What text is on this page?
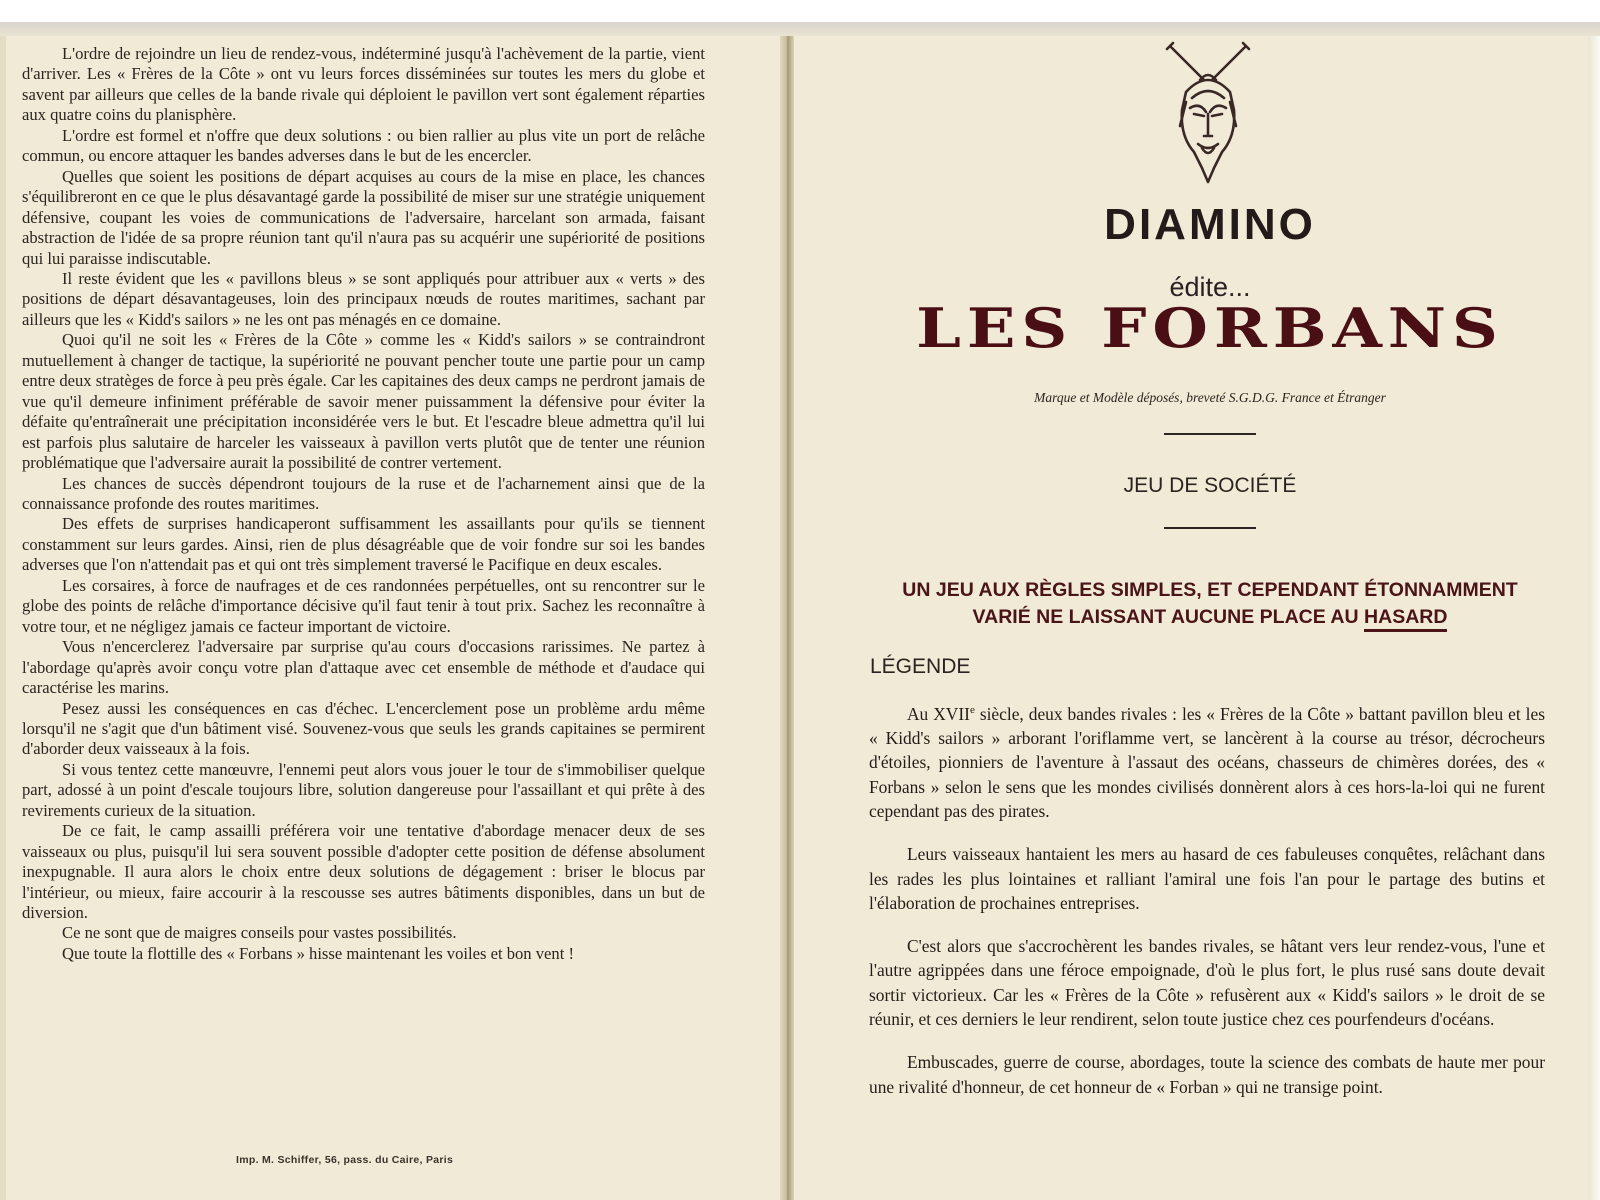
L'ordre de rejoindre un lieu de rendez-vous, indéterminé jusqu'à l'achèvement de la partie, vient d'arriver. Les « Frères de la Côte » ont vu leurs forces disséminées sur toutes les mers du globe et savent par ailleurs que celles de la bande rivale qui déploient le pavillon vert sont également réparties aux quatre coins du planisphère.

L'ordre est formel et n'offre que deux solutions : ou bien rallier au plus vite un port de relâche commun, ou encore attaquer les bandes adverses dans le but de les encercler.

Quelles que soient les positions de départ acquises au cours de la mise en place, les chances s'équilibreront en ce que le plus désavantagé garde la possibilité de miser sur une stratégie uniquement défensive, coupant les voies de communications de l'adversaire, harcelant son armada, faisant abstraction de l'idée de sa propre réunion tant qu'il n'aura pas su acquérir une supériorité de positions qui lui paraisse indiscutable.

Il reste évident que les « pavillons bleus » se sont appliqués pour attribuer aux « verts » des positions de départ désavantageuses, loin des principaux nœuds de routes maritimes, sachant par ailleurs que les « Kidd's sailors » ne les ont pas ménagés en ce domaine.

Quoi qu'il ne soit les « Frères de la Côte » comme les « Kidd's sailors » se contraindront mutuellement à changer de tactique, la supériorité ne pouvant pencher toute une partie pour un camp entre deux stratèges de force à peu près égale. Car les capitaines des deux camps ne perdront jamais de vue qu'il demeure infiniment préférable de savoir mener puissamment la défensive pour éviter la défaite qu'entraînerait une précipitation inconsidérée vers le but. Et l'escadre bleue admettra qu'il lui est parfois plus salutaire de harceler les vaisseaux à pavillon verts plutôt que de tenter une réunion problématique que l'adversaire aurait la possibilité de contrer vertement.

Les chances de succès dépendront toujours de la ruse et de l'acharnement ainsi que de la connaissance profonde des routes maritimes.

Des effets de surprises handicaperont suffisamment les assaillants pour qu'ils se tiennent constamment sur leurs gardes. Ainsi, rien de plus désagréable que de voir fondre sur soi les bandes adverses que l'on n'attendait pas et qui ont très simplement traversé le Pacifique en deux escales.

Les corsaires, à force de naufrages et de ces randonnées perpétuelles, ont su rencontrer sur le globe des points de relâche d'importance décisive qu'il faut tenir à tout prix. Sachez les reconnaître à votre tour, et ne négligez jamais ce facteur important de victoire.

Vous n'encerclerez l'adversaire par surprise qu'au cours d'occasions rarissimes. Ne partez à l'abordage qu'après avoir conçu votre plan d'attaque avec cet ensemble de méthode et d'audace qui caractérise les marins.

Pesez aussi les conséquences en cas d'échec. L'encerclement pose un problème ardu même lorsqu'il ne s'agit que d'un bâtiment visé. Souvenez-vous que seuls les grands capitaines se permirent d'aborder deux vaisseaux à la fois.

Si vous tentez cette manœuvre, l'ennemi peut alors vous jouer le tour de s'immobiliser quelque part, adossé à un point d'escale toujours libre, solution dangereuse pour l'assaillant et qui prête à des revirements curieux de la situation.

De ce fait, le camp assailli préférera voir une tentative d'abordage menacer deux de ses vaisseaux ou plus, puisqu'il lui sera souvent possible d'adopter cette position de défense absolument inexpugnable. Il aura alors le choix entre deux solutions de dégagement : briser le blocus par l'intérieur, ou mieux, faire accourir à la rescousse ses autres bâtiments disponibles, dans un but de diversion.

Ce ne sont que de maigres conseils pour vastes possibilités.

Que toute la flottille des « Forbans » hisse maintenant les voiles et bon vent !

Imp. M. Schiffer, 56, pass. du Caire, Paris
DIAMINO
édite...
LES FORBANS
Marque et Modèle déposés, breveté S.G.D.G. France et Étranger
JEU DE SOCIÉTÉ
UN JEU AUX RÈGLES SIMPLES, ET CEPENDANT ÉTONNAMMENT
VARIÉ NE LAISSANT AUCUNE PLACE AU HASARD
LÉGENDE

Au XVIIe siècle, deux bandes rivales : les « Frères de la Côte » battant pavillon bleu et les « Kidd's sailors » arborant l'oriflamme vert, se lancèrent à la course au trésor, décrocheurs d'étoiles, pionniers de l'aventure à l'assaut des océans, chasseurs de chimères dorées, des « Forbans » selon le sens que les mondes civilisés donnèrent alors à ces hors-la-loi qui ne furent cependant pas des pirates.

Leurs vaisseaux hantaient les mers au hasard de ces fabuleuses conquêtes, relâchant dans les rades les plus lointaines et ralliant l'amiral une fois l'an pour le partage des butins et l'élaboration de prochaines entreprises.

C'est alors que s'accrochèrent les bandes rivales, se hâtant vers leur rendez-vous, l'une et l'autre agrippées dans une féroce empoignade, d'où le plus fort, le plus rusé sans doute devait sortir victorieux. Car les « Frères de la Côte » refusèrent aux « Kidd's sailors » le droit de se réunir, et ces derniers le leur rendirent, selon toute justice chez ces pourfendeurs d'océans.

Embuscades, guerre de course, abordages, toute la science des combats de haute mer pour une rivalité d'honneur, de cet honneur de « Forban » qui ne transige point.
